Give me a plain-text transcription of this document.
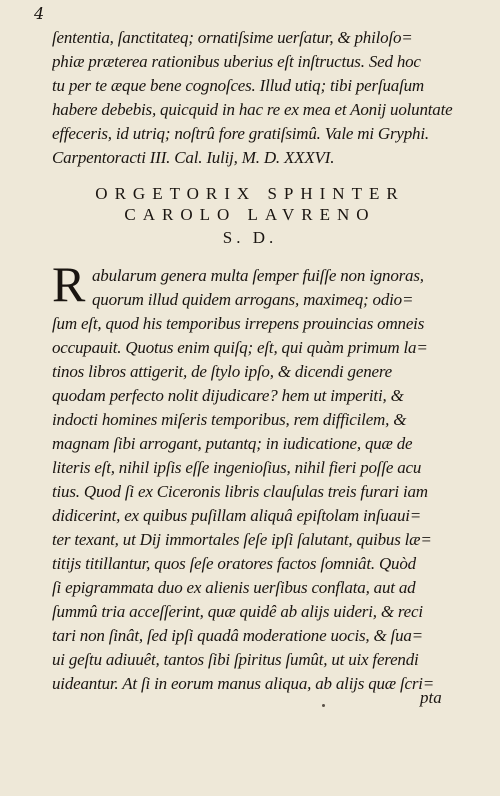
4
ſententia, ſanctitateq; ornatiſsime uerſatur, & philoſo=
phiæ præterea rationibus uberius eſt inſtructus. Sed hoc
tu per te æque bene cognoſces. Illud utiq; tibi perſuaſum
habere debebis, quicquid in hac re ex mea et Aonij uoluntate
effeceris, id utriq; noſtrû fore gratiſsimû. Vale mi Gryphi.
Carpentoracti III. Cal. Iulij, M. D. XXXVI.
ORGETORIX SPHINTER
CAROLO LAVRENO
S. D.
R abularum genera multa ſemper fuiſſe non ignoras,
quorum illud quidem arrogans, maximeq; odio=
ſum eſt, quod his temporibus irrepens prouincias omneis
occupauit. Quotus enim quiſq; eſt, qui quàm primum la=
tinos libros attigerit, de ſtylo ipſo, & dicendi genere
quodam perfecto nolit dijudicare? hem ut imperiti, &
indocti homines miſeris temporibus, rem difficilem, &
magnam ſibi arrogant, putantq; in iudicatione, quæ de
literis eſt, nihil ipſis eſſe ingenioſius, nihil fieri poſſe acu
tius. Quod ſi ex Ciceronis libris clauſulas treis furari iam
didicerint, ex quibus puſillam aliquâ epiſtolam inſuaui=
ter texant, ut Dij immortales ſeſe ipſi ſalutant, quibus læ=
titijs titillantur, quos ſeſe oratores factos ſomniât. Quòd
ſi epigrammata duo ex alienis uerſibus conflata, aut ad
ſummû tria acceſſerint, quæ quidê ab alijs uideri, & reci
tari non ſinât, ſed ipſi quadâ moderatione uocis, & ſua=
ui geſtu adiuuêt, tantos ſibi ſpiritus ſumût, ut uix ferendi
uideantur. At ſi in eorum manus aliqua, ab alijs quæ ſcri=
pta
